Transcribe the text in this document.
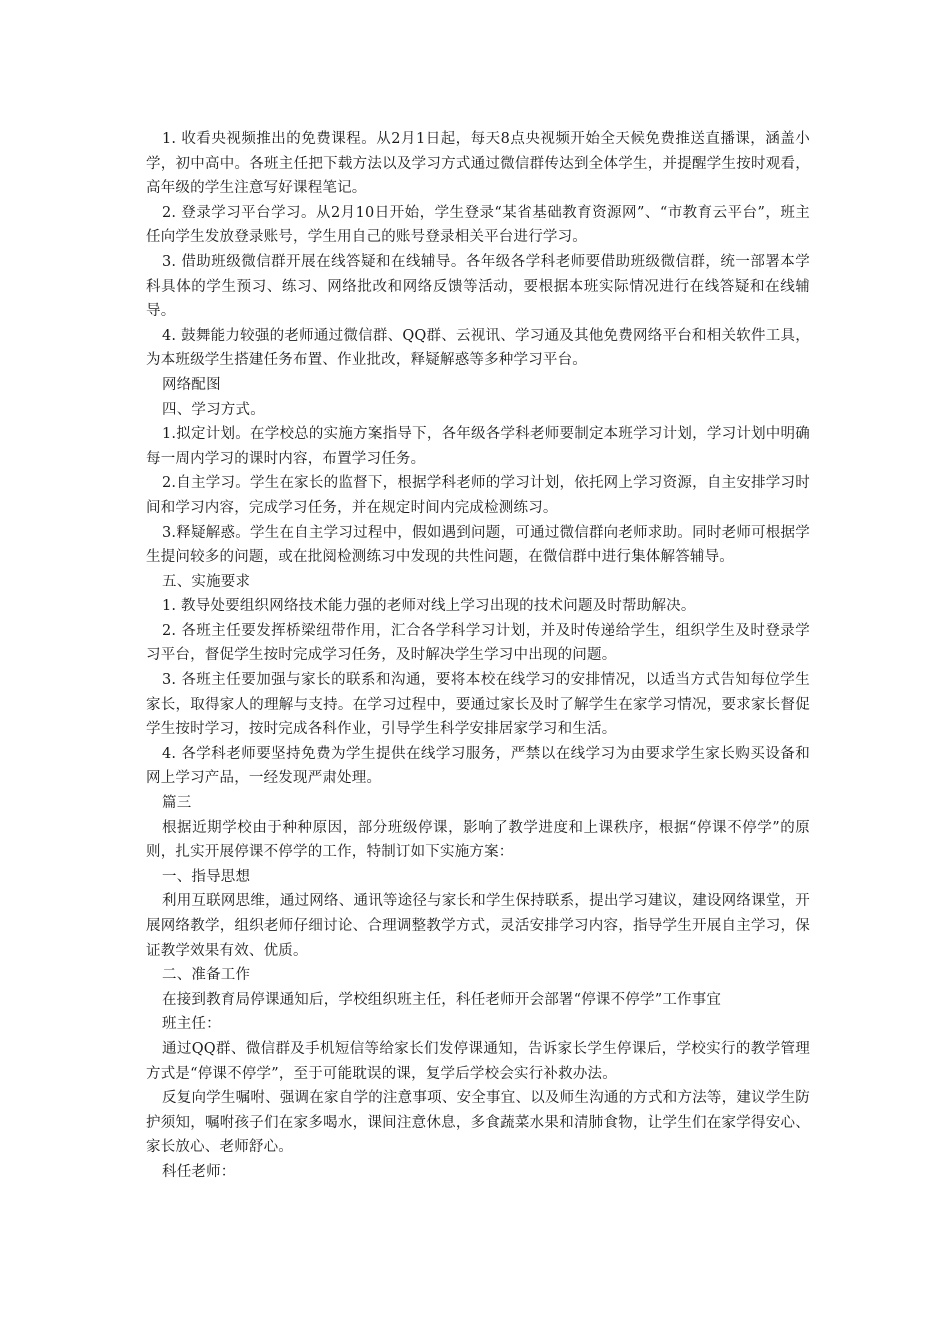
1. 收看央视频推出的免费课程。从2月1日起，每天8点央视频开始全天候免费推送直播课，涵盖小学，初中高中。各班主任把下载方法以及学习方式通过微信群传达到全体学生，并提醒学生按时观看，高年级的学生注意写好课程笔记。

2. 登录学习平台学习。从2月10日开始，学生登录“某省基础教育资源网”、“市教育云平台”，班主任向学生发放登录账号，学生用自己的账号登录相关平台进行学习。

3. 借助班级微信群开展在线答疑和在线辅导。各年级各学科老师要借助班级微信群，统一部署本学科具体的学生预习、练习、网络批改和网络反馈等活动，要根据本班实际情况进行在线答疑和在线辅导。

4. 鼓舞能力较强的老师通过微信群、QQ群、云视讯、学习通及其他免费网络平台和相关软件工具，为本班级学生搭建任务布置、作业批改，释疑解惑等多种学习平台。

网络配图

四、学习方式。

1.拟定计划。在学校总的实施方案指导下，各年级各学科老师要制定本班学习计划，学习计划中明确每一周内学习的课时内容，布置学习任务。

2.自主学习。学生在家长的监督下，根据学科老师的学习计划，依托网上学习资源，自主安排学习时间和学习内容，完成学习任务，并在规定时间内完成检测练习。

3.释疑解惑。学生在自主学习过程中，假如遇到问题，可通过微信群向老师求助。同时老师可根据学生提问较多的问题，或在批阅检测练习中发现的共性问题，在微信群中进行集体解答辅导。

五、实施要求

1. 教导处要组织网络技术能力强的老师对线上学习出现的技术问题及时帮助解决。

2. 各班主任要发挥桥梁纽带作用，汇合各学科学习计划，并及时传递给学生，组织学生及时登录学习平台，督促学生按时完成学习任务，及时解决学生学习中出现的问题。

3. 各班主任要加强与家长的联系和沟通，要将本校在线学习的安排情况，以适当方式告知每位学生家长，取得家人的理解与支持。在学习过程中，要通过家长及时了解学生在家学习情况，要求家长督促学生按时学习，按时完成各科作业，引导学生科学安排居家学习和生活。

4. 各学科老师要坚持免费为学生提供在线学习服务，严禁以在线学习为由要求学生家长购买设备和网上学习产品，一经发现严肃处理。

篇三

根据近期学校由于种种原因，部分班级停课，影响了教学进度和上课秩序，根据“停课不停学”的原则，扎实开展停课不停学的工作，特制订如下实施方案：

一、指导思想

利用互联网思维，通过网络、通讯等途径与家长和学生保持联系，提出学习建议，建设网络课堂，开展网络教学，组织老师仔细讨论、合理调整教学方式，灵活安排学习内容，指导学生开展自主学习，保证教学效果有效、优质。

二、准备工作

在接到教育局停课通知后，学校组织班主任，科任老师开会部署“停课不停学”工作事宜

班主任：

通过QQ群、微信群及手机短信等给家长们发停课通知，告诉家长学生停课后，学校实行的教学管理方式是“停课不停学”，至于可能耽误的课，复学后学校会实行补救办法。

反复向学生嘱咐、强调在家自学的注意事项、安全事宜、以及师生沟通的方式和方法等，建议学生防护须知，嘱咐孩子们在家多喝水，课间注意休息，多食蔬菜水果和清肺食物，让学生们在家学得安心、家长放心、老师舒心。

科任老师：
